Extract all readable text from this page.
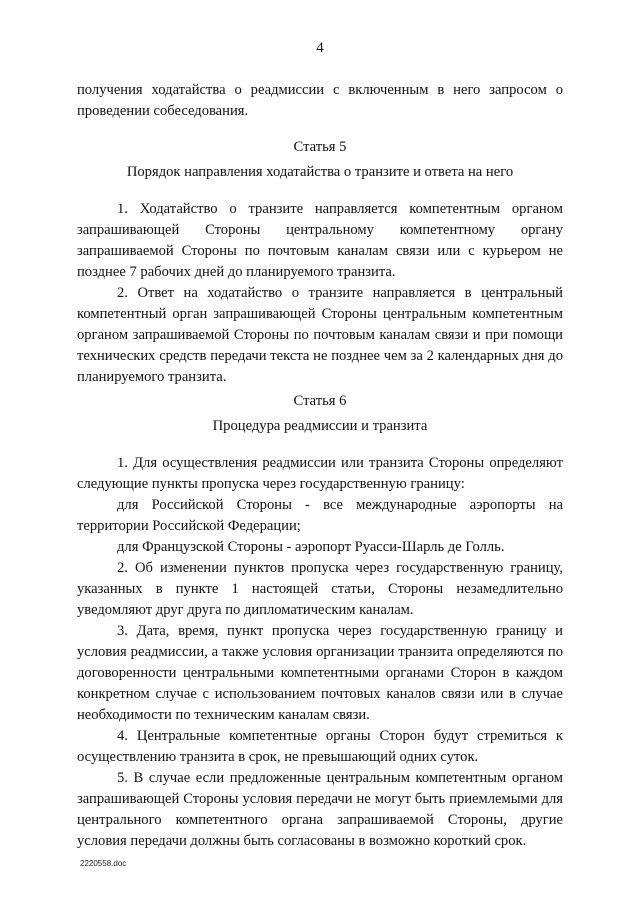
4

получения ходатайства о реадмиссии с включенным в него запросом о проведении собеседования.

Статья 5

Порядок направления ходатайства о транзите и ответа на него

1. Ходатайство о транзите направляется компетентным органом запрашивающей Стороны центральному компетентному органу запрашиваемой Стороны по почтовым каналам связи или с курьером не позднее 7 рабочих дней до планируемого транзита.

2. Ответ на ходатайство о транзите направляется в центральный компетентный орган запрашивающей Стороны центральным компетентным органом запрашиваемой Стороны по почтовым каналам связи и при помощи технических средств передачи текста не позднее чем за 2 календарных дня до планируемого транзита.

Статья 6

Процедура реадмиссии и транзита

1. Для осуществления реадмиссии или транзита Стороны определяют следующие пункты пропуска через государственную границу:

для Российской Стороны - все международные аэропорты на территории Российской Федерации;

для Французской Стороны - аэропорт Руасси-Шарль де Голль.

2. Об изменении пунктов пропуска через государственную границу, указанных в пункте 1 настоящей статьи, Стороны незамедлительно уведомляют друг друга по дипломатическим каналам.

3. Дата, время, пункт пропуска через государственную границу и условия реадмиссии, а также условия организации транзита определяются по договоренности центральными компетентными органами Сторон в каждом конкретном случае с использованием почтовых каналов связи или в случае необходимости по техническим каналам связи.

4. Центральные компетентные органы Сторон будут стремиться к осуществлению транзита в срок, не превышающий одних суток.

5. В случае если предложенные центральным компетентным органом запрашивающей Стороны условия передачи не могут быть приемлемыми для центрального компетентного органа запрашиваемой Стороны, другие условия передачи должны быть согласованы в возможно короткий срок.

2220558.doc
